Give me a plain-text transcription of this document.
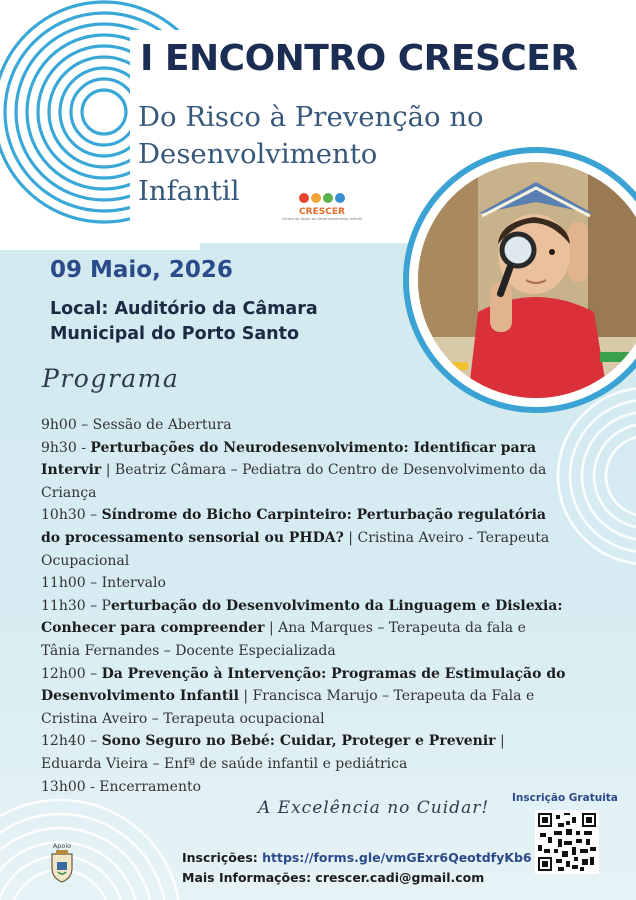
I ENCONTRO CRESCER
Do Risco à Prevenção no
Desenvolvimento
Infantil
CRESCER
Centro de Apoio ao Desenvolvimento Infantil
09 Maio, 2026
Local: Auditório da Câmara
Municipal do Porto Santo
Programa
9h00 – Sessão de Abertura
9h30 - Perturbações do Neurodesenvolvimento: Identificar para Intervir | Beatriz Câmara – Pediatra do Centro de Desenvolvimento da Criança
10h30 – Síndrome do Bicho Carpinteiro: Perturbação regulatória do processamento sensorial ou PHDA? | Cristina Aveiro - Terapeuta Ocupacional
11h00 – Intervalo
11h30 – Perturbação do Desenvolvimento da Linguagem e Dislexia: Conhecer para compreender | Ana Marques – Terapeuta da fala e Tânia Fernandes – Docente Especializada
12h00 – Da Prevenção à Intervenção: Programas de Estimulação do Desenvolvimento Infantil | Francisca Marujo – Terapeuta da Fala e Cristina Aveiro – Terapeuta ocupacional
12h40 – Sono Seguro no Bebé: Cuidar, Proteger e Prevenir | Eduarda Vieira – Enfª de saúde infantil e pediátrica
13h00 - Encerramento
A Excelência no Cuidar! Inscrição Gratuita
Inscrições: https://forms.gle/vmGExr6QeotdfyKb6
Mais Informações: crescer.cadi@gmail.com
Apoio
